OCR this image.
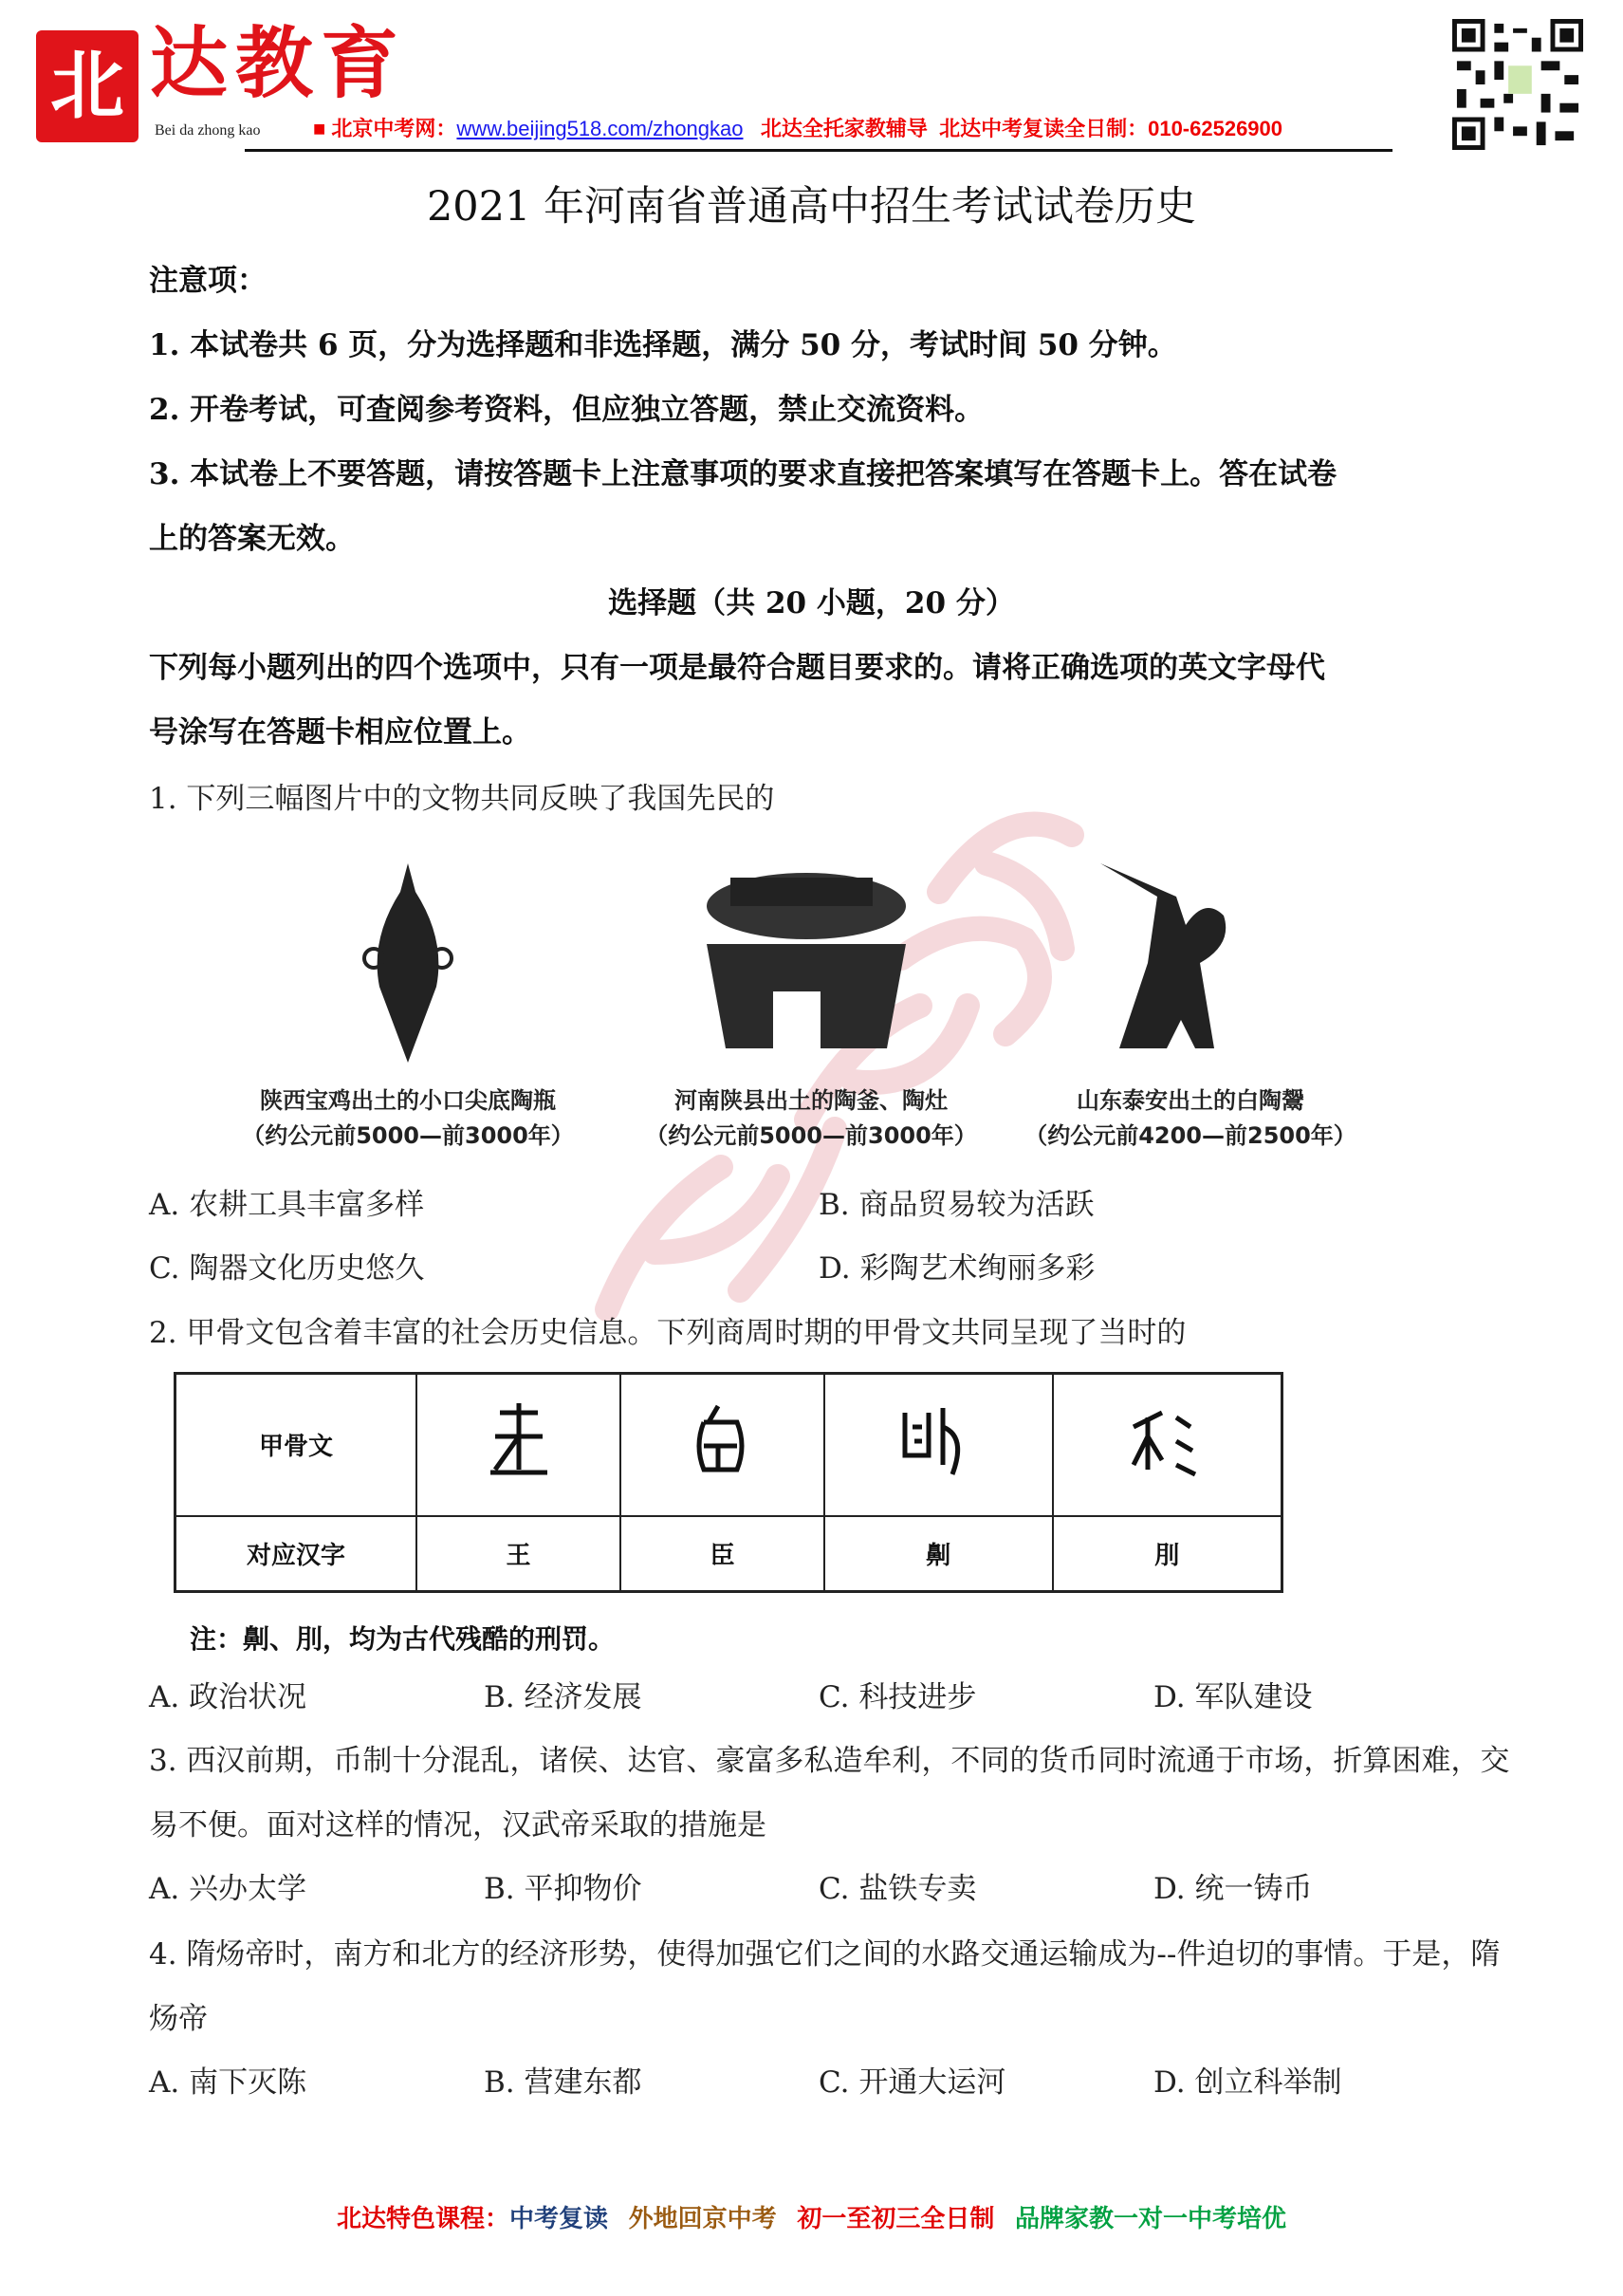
北 达教育
Bei da zhong kao	■ 北京中考网：www.beijing518.com/zhongkao 北达全托家教辅导 北达中考复读全日制：010-62526900
2021 年河南省普通高中招生考试试卷历史
注意项：
1. 本试卷共 6 页，分为选择题和非选择题，满分 50 分，考试时间 50 分钟。
2. 开卷考试，可查阅参考资料，但应独立答题，禁止交流资料。
3. 本试卷上不要答题，请按答题卡上注意事项的要求直接把答案填写在答题卡上。答在试卷
上的答案无效。
选择题（共 20 小题，20 分）
下列每小题列出的四个选项中，只有一项是最符合题目要求的。请将正确选项的英文字母代
号涂写在答题卡相应位置上。
1. 下列三幅图片中的文物共同反映了我国先民的
陕西宝鸡出土的小口尖底陶瓶
（约公元前5000—前3000年）
河南陕县出土的陶釜、陶灶
（约公元前5000—前3000年）
山东泰安出土的白陶鬶
（约公元前4200—前2500年）
A. 农耕工具丰富多样	B. 商品贸易较为活跃
C. 陶器文化历史悠久	D. 彩陶艺术绚丽多彩
2. 甲骨文包含着丰富的社会历史信息。下列商周时期的甲骨文共同呈现了当时的
甲骨文				
对应汉字	王	臣	劓	刖
注：劓、刖，均为古代残酷的刑罚。
A. 政治状况	B. 经济发展	C. 科技进步	D. 军队建设
3. 西汉前期，币制十分混乱，诸侯、达官、豪富多私造牟利，不同的货币同时流通于市场，折算困难，交
易不便。面对这样的情况，汉武帝采取的措施是
A. 兴办太学	B. 平抑物价	C. 盐铁专卖	D. 统一铸币
4. 隋炀帝时，南方和北方的经济形势，使得加强它们之间的水路交通运输成为--件迫切的事情。于是，隋
炀帝
A. 南下灭陈	B. 营建东都	C. 开通大运河	D. 创立科举制
北达特色课程：中考复读 外地回京中考 初一至初三全日制 品牌家教一对一中考培优
